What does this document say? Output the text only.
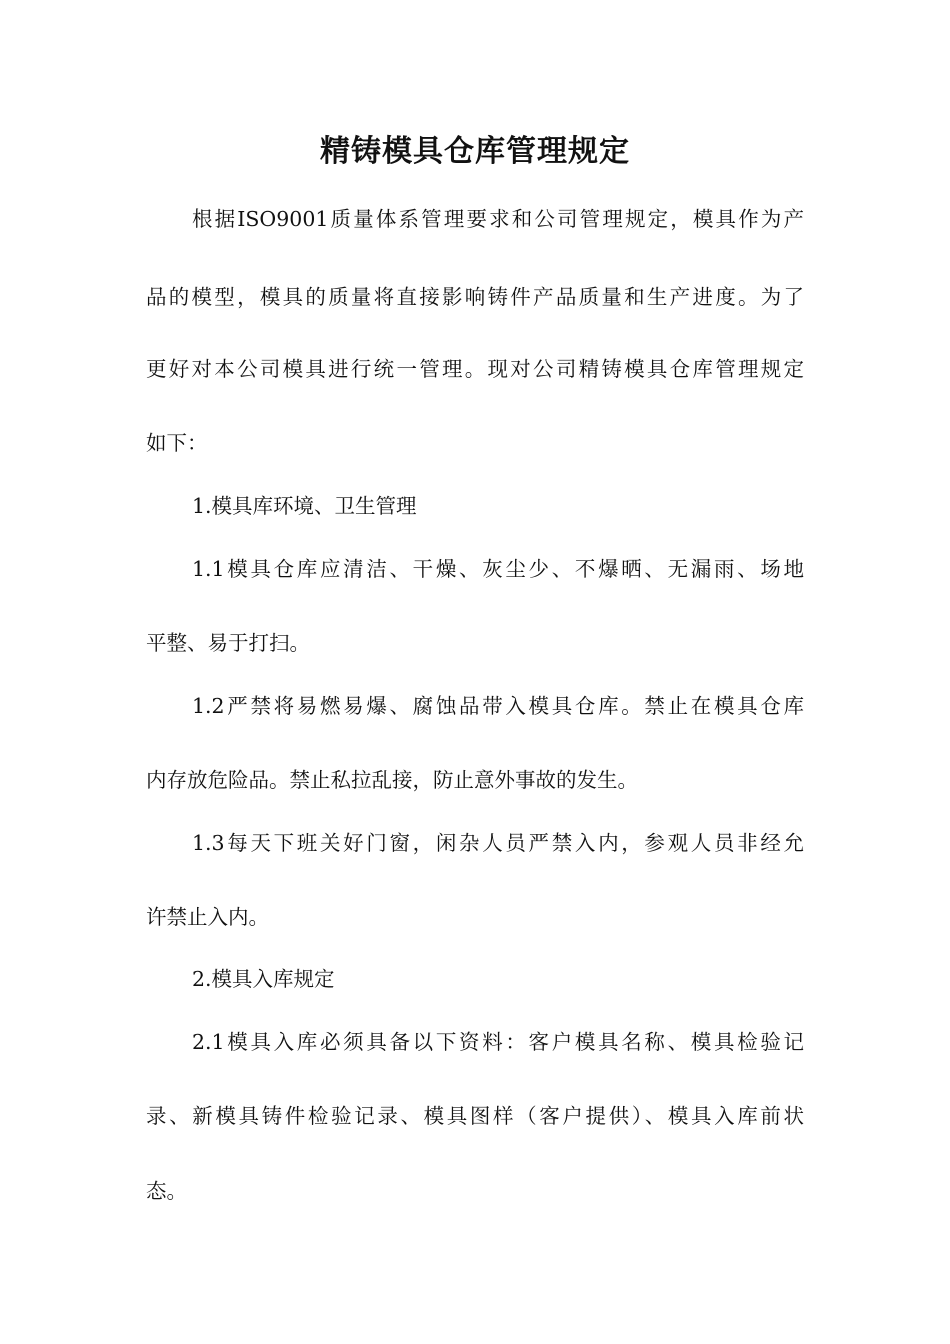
精铸模具仓库管理规定

根据ISO9001质量体系管理要求和公司管理规定，模具作为产

品的模型，模具的质量将直接影响铸件产品质量和生产进度。为了

更好对本公司模具进行统一管理。现对公司精铸模具仓库管理规定

如下：

1.模具库环境、卫生管理

1.1模具仓库应清洁、干燥、灰尘少、不爆晒、无漏雨、场地

平整、易于打扫。

1.2严禁将易燃易爆、腐蚀品带入模具仓库。禁止在模具仓库

内存放危险品。禁止私拉乱接，防止意外事故的发生。

1.3每天下班关好门窗，闲杂人员严禁入内，参观人员非经允

许禁止入内。

2.模具入库规定

2.1模具入库必须具备以下资料：客户模具名称、模具检验记

录、新模具铸件检验记录、模具图样（客户提供）、模具入库前状

态。
